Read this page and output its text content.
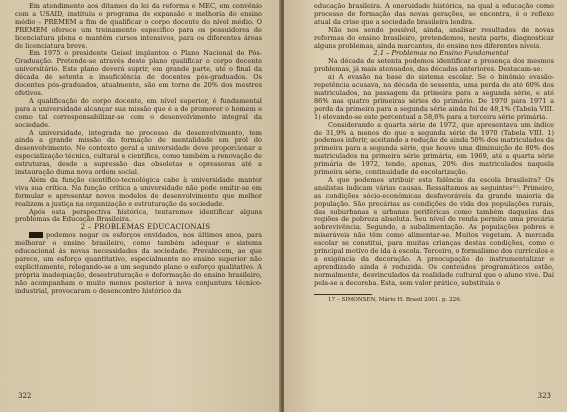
Em atendimento aos ditames da lei da reforma e MEC, em convênio com a USAID, instituiu o programa de expansão e melhoria do ensino médio – PREMEM a fim de qualificar o corpo docente do nível médio. O PREMEM oferece um treinamento específico para os possuidores de licenciatura plena e mantém cursos intensivos, para os diferentes áreas de licenciatura breve.

Em 1975 o presidente Geisel implantou o Plano Nacional de Pós-Graduação. Pretende-se através deste plano qualificar o corpo docente universitário. Este plano deverá suprir, em grande parte, até o final da década de setenta a insuficiência de docentes pós-graduados. Os docentes pós-graduados, atualmente, são em torno de 20% dos mestres efetivos.

A qualificação do corpo docente, em nível superior, é fundamental para a universidade alcançar sua missão que é a de promover o homem e como tal corresponsabilizar-se com o desenvolvimento integral da sociedade.

A universidade, integrada no processo de desenvolvimento, tem ainda a grande missão da formação de mentalidade em prol do desenvolvimento. No contexto geral a universidade deve proporcionar a especialização técnica, cultural e científica, como também a renovação de estruturas, desde a supressão das obsoletas e opressoras até a instauração duma nova ordem social.

Além da função científico-tecnológica cabe à universidade manter viva sua crítica. Na função crítica a universidade não pode omitir-se em formular e apresentar novos modelos de desenvolvimento que melhor realizem a justiça na organização e estruturação da sociedade.

Após esta perspectiva histórica, tentaremos identificar alguns problemas da Educação Brasileira.

2 – PROBLEMAS EDUCACIONAIS

podemos negar os esforços envidados, nos últimos anos, para melhorar o ensino brasileiro, como também adequar o sistema educacional às novas necessidades da sociedade. Prevalecem, ao que parece, um esforço quantitativo, especialmente no ensino superior não explicitamente, relegando-se a um segundo plano o esforço qualitativo. A própria inadequação, desestruturação e deformação do ensino brasileiro, não acompanham o muito menos posterior à nova conjuntura técnico-industrial, provocaram o desencontro histórico da

322

educação brasileira. A oneruidade histórica, na qual a educação como processo de formação das novas gerações, se encontra, é o reflexo atual da crise que a sociedade brasileira lendra.

Não nos sendo possível, ainda, analisar resultados de novas reformas do ensino brasileiro, pretendemos, nesta parte, diagnosticar alguns problemas, ainda marcantes, do ensino nos diferentes níveis.

2.1 – Problemas no Ensino Fundamental

Na década de setenta podemos identificar a presença dos mesmos problemas, já mais atenuados, das décadas anteriores. Destacam-se:

a) A evasão na base do sistema escolar. Se o binômio evasão-repetência acusava, na década de sessenta, uma perda de até 60% dos matriculados, na passagem da primeira para a segunda série, e até 86% nas quatro primeiras séries do primário. De 1970 para 1971 a perda da primeira para a segunda série ainda foi de 48,1% (Tabela VIII. 1) elevando-se este percentual a 58,6% para a terceira série primária.

Considerando a quarta série de 1972, que apresentava um índice de 31,9% a menos do que a segunda série de 1970 (Tabela VIII. 1) podemos inferir, aceitando a redução de ainda 50% dos matriculados da primeira para a segunda série, que houve uma diminuição de 80% dos matriculados na primeira série primária, em 1969, até a quarta série primária de 1972, tendo, apenas, 20% dos matriculados naquela primeira série, continuidade de escolarização.

A que podemos atribuir esta falência da escola brasileira? Os analistas indicam várias causas. Ressaltamos as seguintes¹⁷: Primeiro, as condições sócio-econômicas desfavoráveis da grande maioria da população. São precárias as condições de vida dos populações rurais, das suburbanas e urbanas periféricas como também daquelas das regiões de pobreza absoluta. Seu nível de renda permite uma precária sobrevivência. Segundo, a subalimentação. As populações pobres e miseráveis não têm como alimentar-se. Muitos vegetam. A mercada escolar se constitui, para muitas crianças destas condições, como o principal motivo de ida à escola. Terceiro, o formalismo dos currículos e a exigência da decoração. A preocupação do instrumentalizar o aprendizado ainda é reduzida. Os conteúdos programáticos estão, normalmente, desvinculados da realidade cultural que o aluno vive. Daí pela-se a decoreba. Esta, sem valor prático, substituía o

17 – SIMONSEN, Mário H. Brasil 2001. p. 226.

323
